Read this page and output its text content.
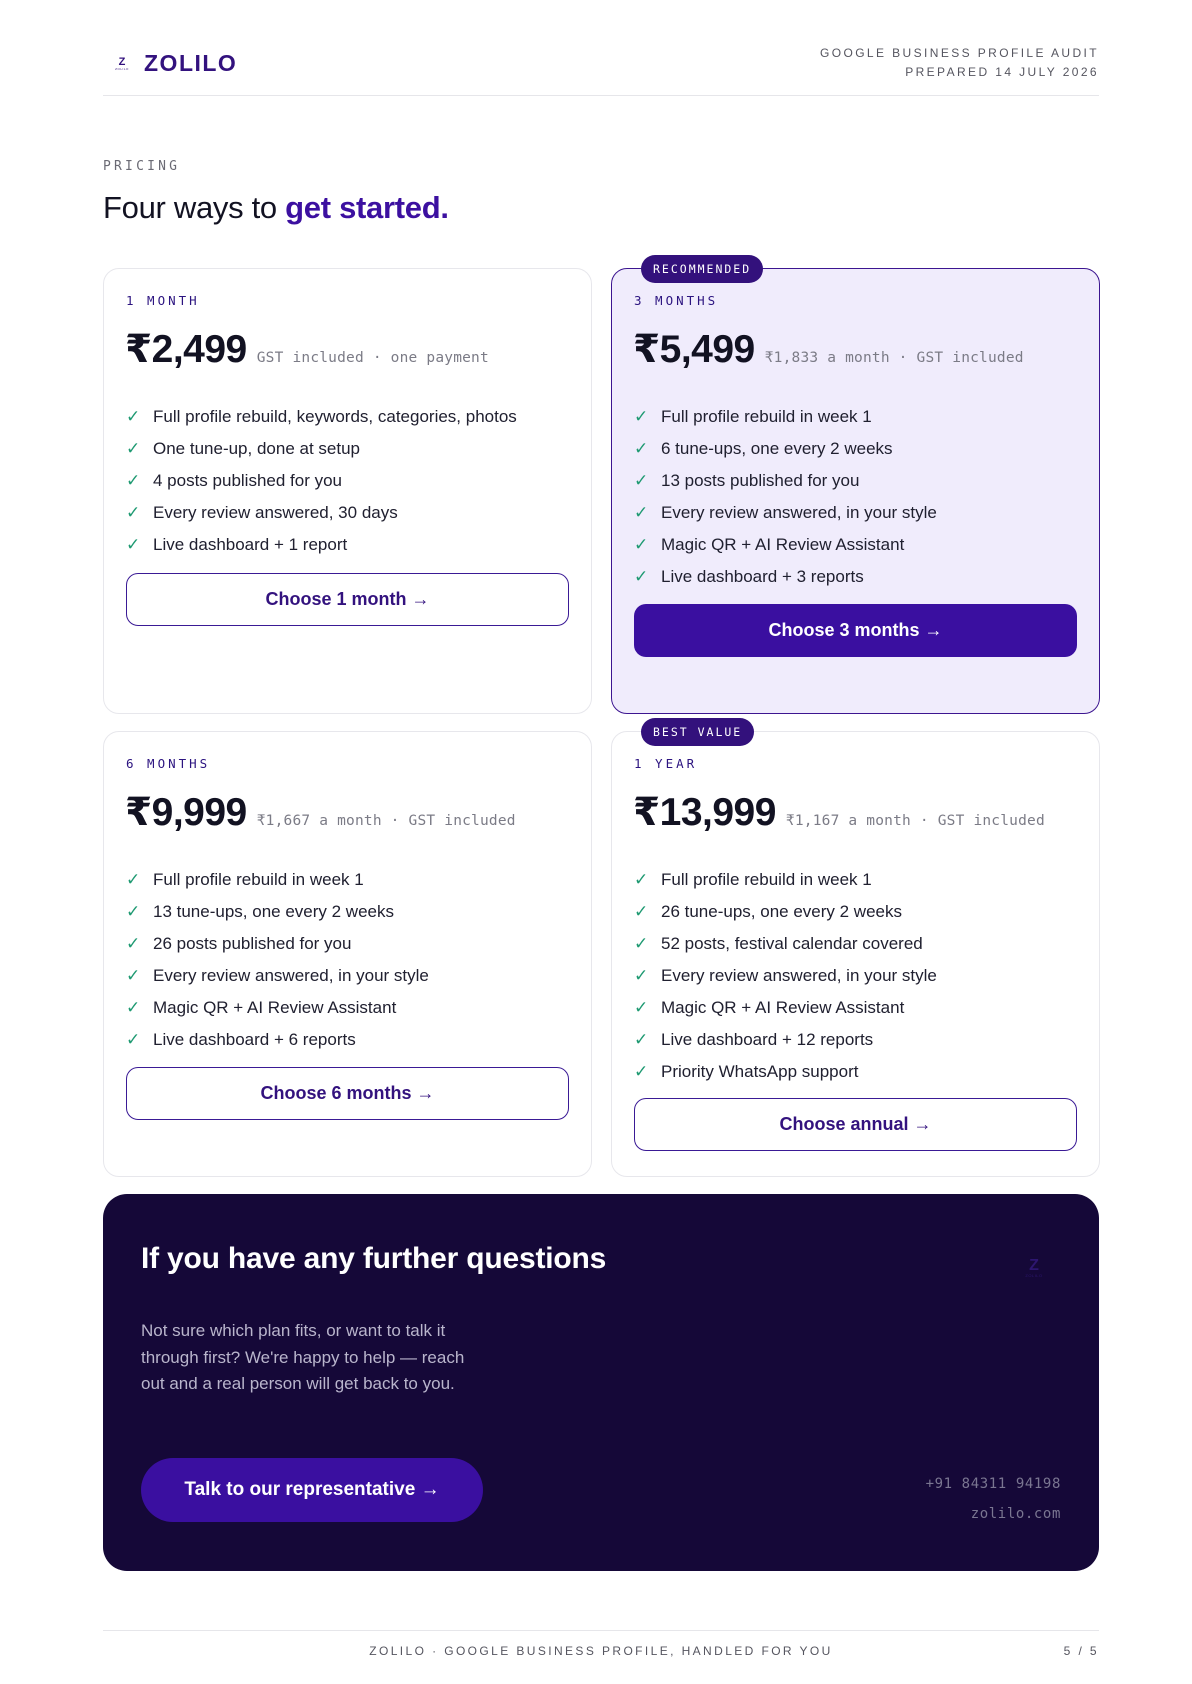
Z
ZOLILO ZOLILO	GOOGLE BUSINESS PROFILE AUDIT
PREPARED 14 JULY 2026
PRICING
Four ways to get started.
1 MONTH
₹2,499 GST included · one payment
✓ Full profile rebuild, keywords, categories, photos
✓ One tune-up, done at setup
✓ 4 posts published for you
✓ Every review answered, 30 days
✓ Live dashboard + 1 report
Choose 1 month →
RECOMMENDED
3 MONTHS
₹5,499 ₹1,833 a month · GST included
✓ Full profile rebuild in week 1
✓ 6 tune-ups, one every 2 weeks
✓ 13 posts published for you
✓ Every review answered, in your style
✓ Magic QR + AI Review Assistant
✓ Live dashboard + 3 reports
Choose 3 months →
6 MONTHS
₹9,999 ₹1,667 a month · GST included
✓ Full profile rebuild in week 1
✓ 13 tune-ups, one every 2 weeks
✓ 26 posts published for you
✓ Every review answered, in your style
✓ Magic QR + AI Review Assistant
✓ Live dashboard + 6 reports
Choose 6 months →
BEST VALUE
1 YEAR
₹13,999 ₹1,167 a month · GST included
✓ Full profile rebuild in week 1
✓ 26 tune-ups, one every 2 weeks
✓ 52 posts, festival calendar covered
✓ Every review answered, in your style
✓ Magic QR + AI Review Assistant
✓ Live dashboard + 12 reports
✓ Priority WhatsApp support
Choose annual →
If you have any further questions	Z
ZOLILO

Not sure which plan fits, or want to talk it through first? We're happy to help — reach out and a real person will get back to you.

Talk to our representative →	+91 84311 94198
zolilo.com
ZOLILO · GOOGLE BUSINESS PROFILE, HANDLED FOR YOU	5 / 5
